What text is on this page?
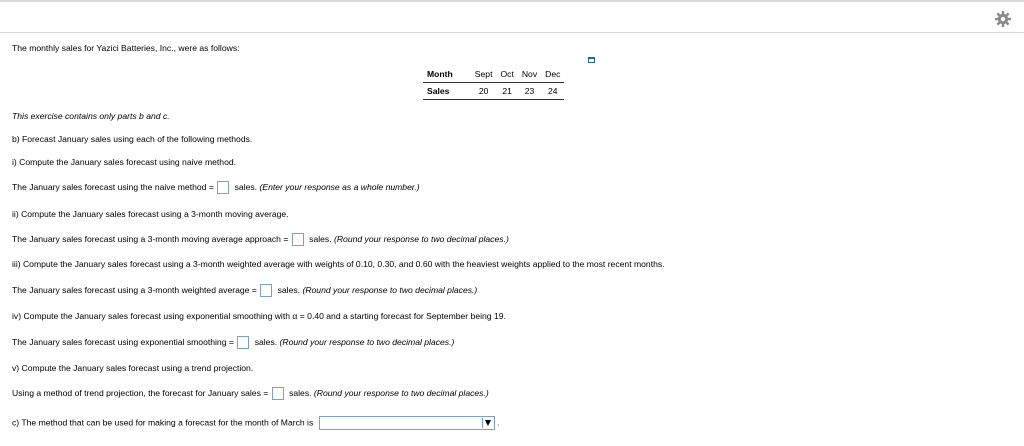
The monthly sales for Yazici Batteries, Inc., were as follows:
Month	Sept	Oct	Nov	Dec
Sales	20	21	23	24
This exercise contains only parts b and c.
b) Forecast January sales using each of the following methods.
i) Compute the January sales forecast using naive method.
The January sales forecast using the naive method = sales. (Enter your response as a whole number.)
ii) Compute the January sales forecast using a 3-month moving average.
The January sales forecast using a 3-month moving average approach = sales. (Round your response to two decimal places.)
iii) Compute the January sales forecast using a 3-month weighted average with weights of 0.10, 0.30, and 0.60 with the heaviest weights applied to the most recent months.
The January sales forecast using a 3-month weighted average = sales. (Round your response to two decimal places.)
iv) Compute the January sales forecast using exponential smoothing with α = 0.40 and a starting forecast for September being 19.
The January sales forecast using exponential smoothing = sales. (Round your response to two decimal places.)
v) Compute the January sales forecast using a trend projection.
Using a method of trend projection, the forecast for January sales = sales. (Round your response to two decimal places.)
c) The method that can be used for making a forecast for the month of March is	.
